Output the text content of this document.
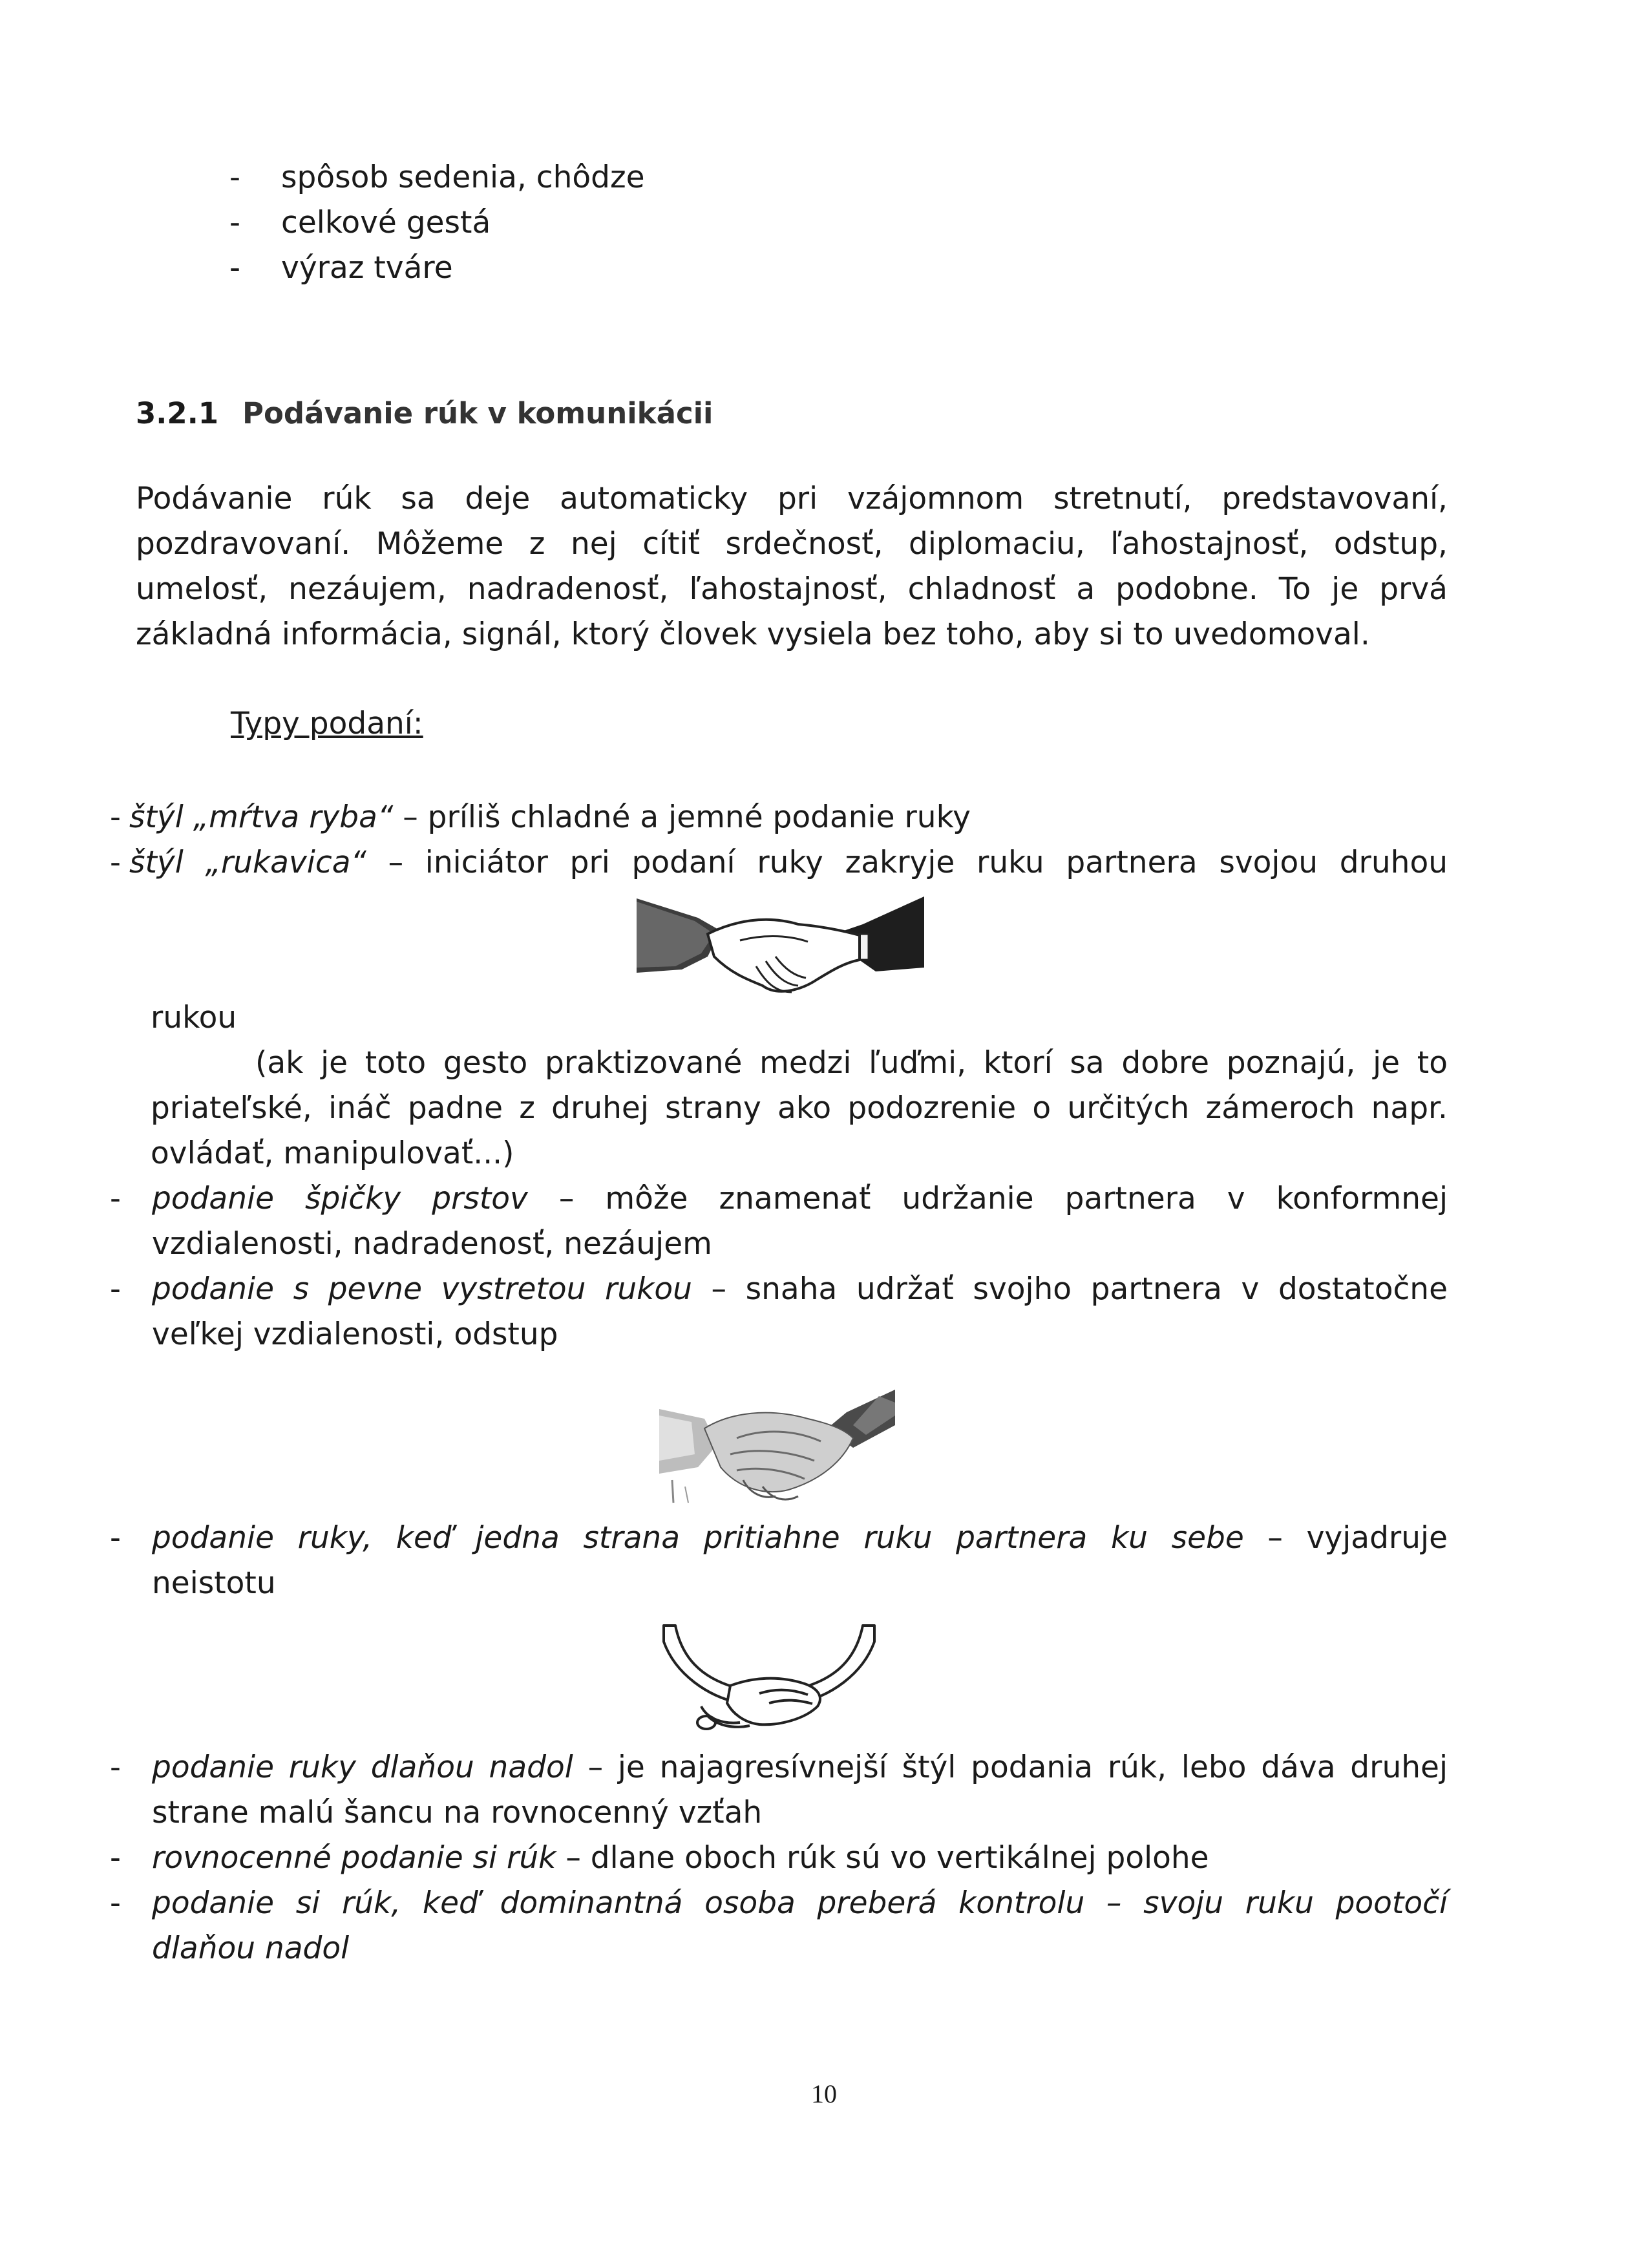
-	spôsob sedenia, chôdze
-	celkové gestá
-	výraz tváre
3.2.1 Podávanie rúk v komunikácii
Podávanie rúk sa deje automaticky pri vzájomnom stretnutí, predstavovaní,
pozdravovaní. Môžeme z nej cítiť srdečnosť, diplomaciu, ľahostajnosť, odstup,
umelosť, nezáujem, nadradenosť, ľahostajnosť, chladnosť a podobne. To je prvá
základná informácia, signál, ktorý človek vysiela bez toho, aby si to uvedomoval.
Typy podaní:
- štýl „mŕtva ryba“ – príliš chladné a jemné podanie ruky
- štýl „rukavica“ – iniciátor pri podaní ruky zakryje ruku partnera svojou druhou
rukou
(ak je toto gesto praktizované medzi ľuďmi, ktorí sa dobre poznajú, je to
priateľské, ináč padne z druhej strany ako podozrenie o určitých zámeroch napr.
ovládať, manipulovať...)
- podanie špičky prstov – môže znamenať udržanie partnera v konformnej
vzdialenosti, nadradenosť, nezáujem
- podanie s pevne vystretou rukou – snaha udržať svojho partnera v dostatočne
veľkej vzdialenosti, odstup
- podanie ruky, keď jedna strana pritiahne ruku partnera ku sebe – vyjadruje
neistotu
- podanie ruky dlaňou nadol – je najagresívnejší štýl podania rúk, lebo dáva druhej
strane malú šancu na rovnocenný vzťah
- rovnocenné podanie si rúk – dlane oboch rúk sú vo vertikálnej polohe
- podanie si rúk, keď dominantná osoba preberá kontrolu – svoju ruku pootočí
dlaňou nadol
10
